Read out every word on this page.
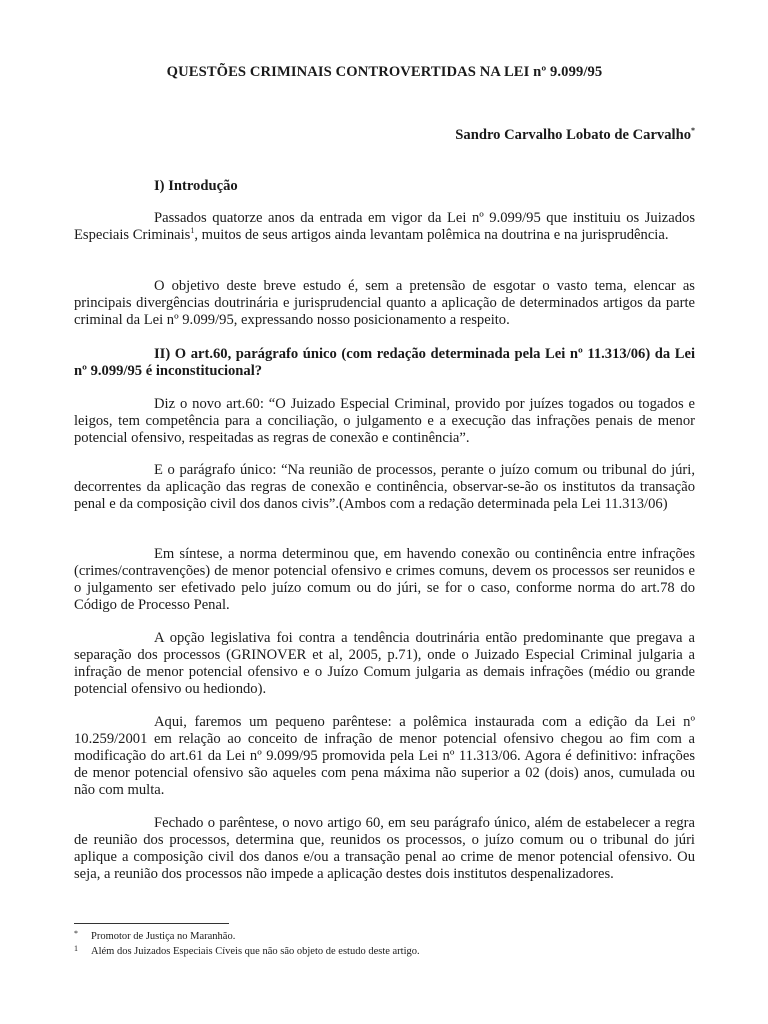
QUESTÕES CRIMINAIS CONTROVERTIDAS NA LEI nº 9.099/95
Sandro Carvalho Lobato de Carvalho*
I) Introdução

Passados quatorze anos da entrada em vigor da Lei nº 9.099/95 que instituiu os Juizados Especiais Criminais$^1$, muitos de seus artigos ainda levantam polêmica na doutrina e na jurisprudência.

O objetivo deste breve estudo é, sem a pretensão de esgotar o vasto tema, elencar as principais divergências doutrinária e jurisprudencial quanto a aplicação de determinados artigos da parte criminal da Lei nº 9.099/95, expressando nosso posicionamento a respeito.

II) O art.60, parágrafo único (com redação determinada pela Lei nº 11.313/06) da Lei nº 9.099/95 é inconstitucional?

Diz o novo art.60: “O Juizado Especial Criminal, provido por juízes togados ou togados e leigos, tem competência para a conciliação, o julgamento e a execução das infrações penais de menor potencial ofensivo, respeitadas as regras de conexão e continência”.

E o parágrafo único: “Na reunião de processos, perante o juízo comum ou tribunal do júri, decorrentes da aplicação das regras de conexão e continência, observar-se-ão os institutos da transação penal e da composição civil dos danos civis”.(Ambos com a redação determinada pela Lei 11.313/06)

Em síntese, a norma determinou que, em havendo conexão ou continência entre infrações (crimes/contravenções) de menor potencial ofensivo e crimes comuns, devem os processos ser reunidos e o julgamento ser efetivado pelo juízo comum ou do júri, se for o caso, conforme norma do art.78 do Código de Processo Penal.

A opção legislativa foi contra a tendência doutrinária então predominante que pregava a separação dos processos (GRINOVER et al, 2005, p.71), onde o Juizado Especial Criminal julgaria a infração de menor potencial ofensivo e o Juízo Comum julgaria as demais infrações (médio ou grande potencial ofensivo ou hediondo).

Aqui, faremos um pequeno parêntese: a polêmica instaurada com a edição da Lei nº 10.259/2001 em relação ao conceito de infração de menor potencial ofensivo chegou ao fim com a modificação do art.61 da Lei nº 9.099/95 promovida pela Lei nº 11.313/06. Agora é definitivo: infrações de menor potencial ofensivo são aqueles com pena máxima não superior a 02 (dois) anos, cumulada ou não com multa.

Fechado o parêntese, o novo artigo 60, em seu parágrafo único, além de estabelecer a regra de reunião dos processos, determina que, reunidos os processos, o juízo comum ou o tribunal do júri aplique a composição civil dos danos e/ou a transação penal ao crime de menor potencial ofensivo. Ou seja, a reunião dos processos não impede a aplicação destes dois institutos despenalizadores.

* Promotor de Justiça no Maranhão.
1 Além dos Juizados Especiais Cíveis que não são objeto de estudo deste artigo.
